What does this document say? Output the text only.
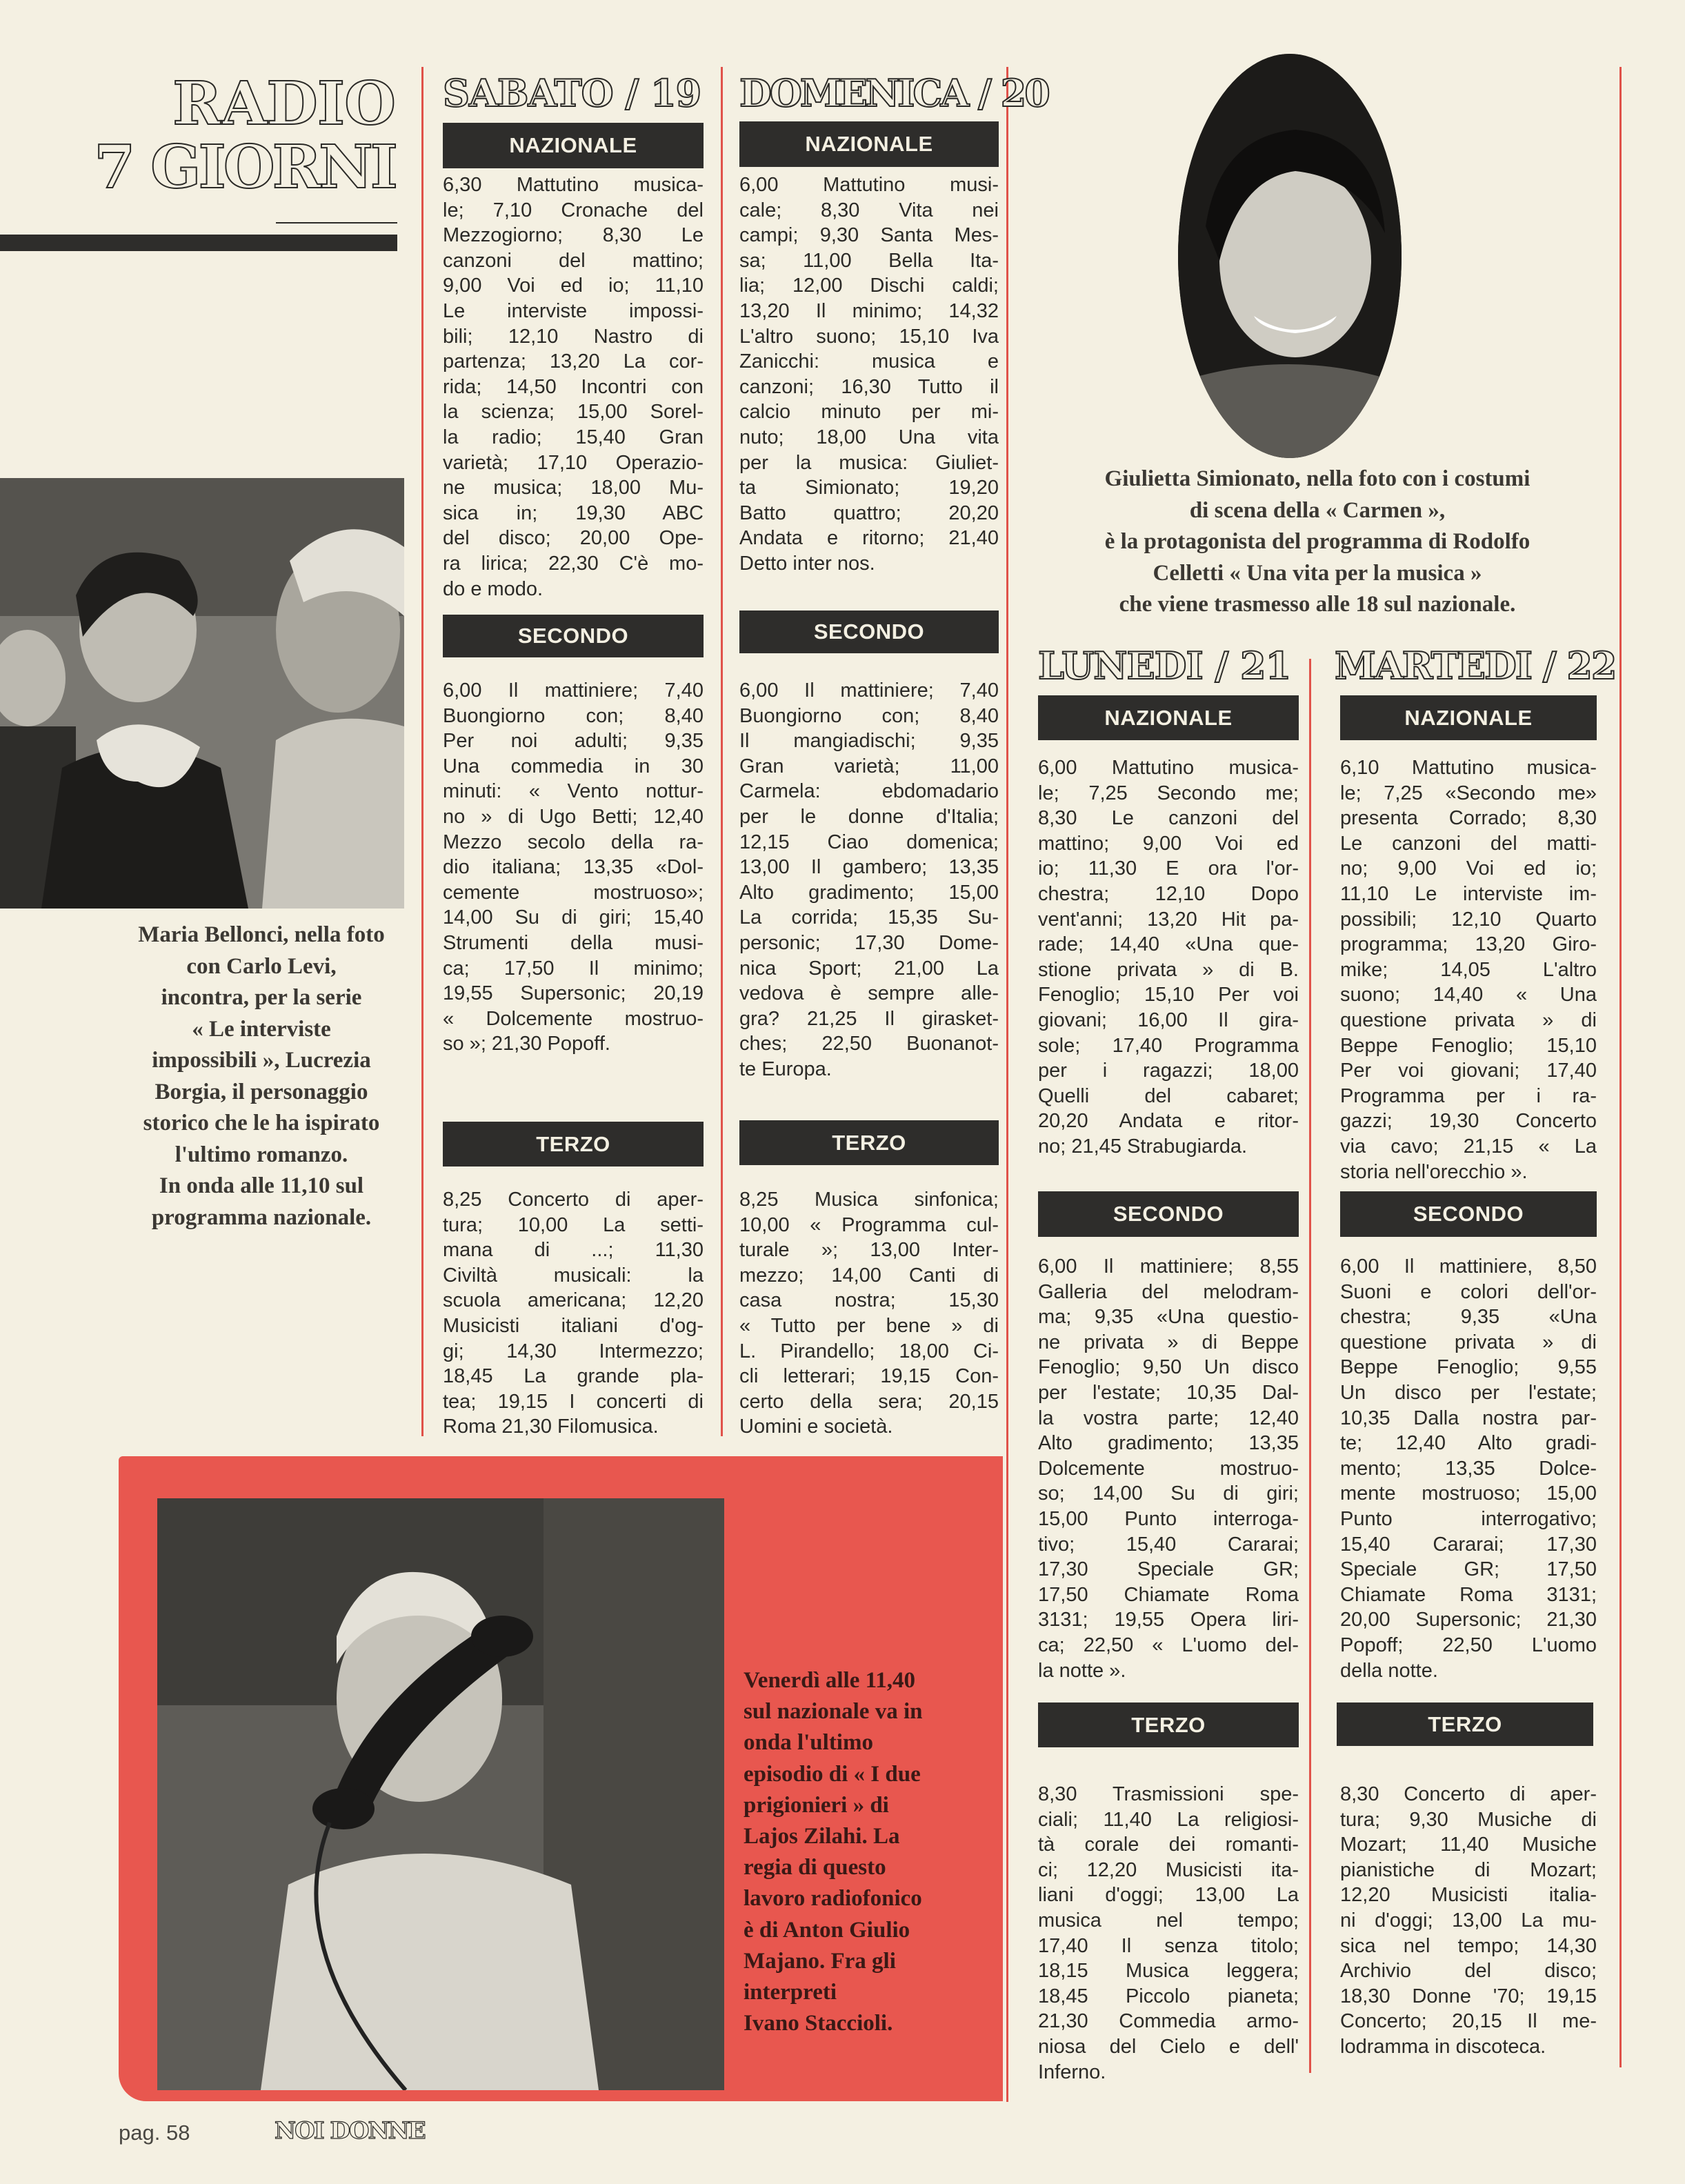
RADIO
7 GIORNI
SABATO / 19 DOMENICA / 20
LUNEDI / 21 MARTEDI / 22
NAZIONALE
6,30 Mattutino musica-
le; 7,10 Cronache del
Mezzogiorno; 8,30 Le
canzoni del mattino;
9,00 Voi ed io; 11,10
Le interviste impossi-
bili; 12,10 Nastro di
partenza; 13,20 La cor-
rida; 14,50 Incontri con
la scienza; 15,00 Sorel-
la radio; 15,40 Gran
varietà; 17,10 Operazio-
ne musica; 18,00 Mu-
sica in; 19,30 ABC
del disco; 20,00 Ope-
ra lirica; 22,30 C'è mo-
do e modo.
SECONDO
6,00 Il mattiniere; 7,40
Buongiorno con; 8,40
Per noi adulti; 9,35
Una commedia in 30
minuti: « Vento nottur-
no » di Ugo Betti; 12,40
Mezzo secolo della ra-
dio italiana; 13,35 «Dol-
cemente mostruoso»;
14,00 Su di giri; 15,40
Strumenti della musi-
ca; 17,50 Il minimo;
19,55 Supersonic; 20,19
« Dolcemente mostruo-
so »; 21,30 Popoff.
TERZO
8,25 Concerto di aper-
tura; 10,00 La setti-
mana di ...; 11,30
Civiltà musicali: la
scuola americana; 12,20
Musicisti italiani d'og-
gi; 14,30 Intermezzo;
18,45 La grande pla-
tea; 19,15 I concerti di
Roma 21,30 Filomusica.
NAZIONALE
6,00 Mattutino musi-
cale; 8,30 Vita nei
campi; 9,30 Santa Mes-
sa; 11,00 Bella Ita-
lia; 12,00 Dischi caldi;
13,20 Il minimo; 14,32
L'altro suono; 15,10 Iva
Zanicchi: musica e
canzoni; 16,30 Tutto il
calcio minuto per mi-
nuto; 18,00 Una vita
per la musica: Giuliet-
ta Simionato; 19,20
Batto quattro; 20,20
Andata e ritorno; 21,40
Detto inter nos.
SECONDO
6,00 Il mattiniere; 7,40
Buongiorno con; 8,40
Il mangiadischi; 9,35
Gran varietà; 11,00
Carmela: ebdomadario
per le donne d'Italia;
12,15 Ciao domenica;
13,00 Il gambero; 13,35
Alto gradimento; 15,00
La corrida; 15,35 Su-
personic; 17,30 Dome-
nica Sport; 21,00 La
vedova è sempre alle-
gra? 21,25 Il girasket-
ches; 22,50 Buonanot-
te Europa.
TERZO
8,25 Musica sinfonica;
10,00 « Programma cul-
turale »; 13,00 Inter-
mezzo; 14,00 Canti di
casa nostra; 15,30
« Tutto per bene » di
L. Pirandello; 18,00 Ci-
cli letterari; 19,15 Con-
certo della sera; 20,15
Uomini e società.
NAZIONALE
6,00 Mattutino musica-
le; 7,25 Secondo me;
8,30 Le canzoni del
mattino; 9,00 Voi ed
io; 11,30 E ora l'or-
chestra; 12,10 Dopo
vent'anni; 13,20 Hit pa-
rade; 14,40 «Una que-
stione privata » di B.
Fenoglio; 15,10 Per voi
giovani; 16,00 Il gira-
sole; 17,40 Programma
per i ragazzi; 18,00
Quelli del cabaret;
20,20 Andata e ritor-
no; 21,45 Strabugiarda.
SECONDO
6,00 Il mattiniere; 8,55
Galleria del melodram-
ma; 9,35 «Una questio-
ne privata » di Beppe
Fenoglio; 9,50 Un disco
per l'estate; 10,35 Dal-
la vostra parte; 12,40
Alto gradimento; 13,35
Dolcemente mostruo-
so; 14,00 Su di giri;
15,00 Punto interroga-
tivo; 15,40 Cararai;
17,30 Speciale GR;
17,50 Chiamate Roma
3131; 19,55 Opera liri-
ca; 22,50 « L'uomo del-
la notte ».
TERZO
8,30 Trasmissioni spe-
ciali; 11,40 La religiosi-
tà corale dei romanti-
ci; 12,20 Musicisti ita-
liani d'oggi; 13,00 La
musica nel tempo;
17,40 Il senza titolo;
18,15 Musica leggera;
18,45 Piccolo pianeta;
21,30 Commedia armo-
niosa del Cielo e dell'
Inferno.
NAZIONALE
6,10 Mattutino musica-
le; 7,25 «Secondo me»
presenta Corrado; 8,30
Le canzoni del matti-
no; 9,00 Voi ed io;
11,10 Le interviste im-
possibili; 12,10 Quarto
programma; 13,20 Giro-
mike; 14,05 L'altro
suono; 14,40 « Una
questione privata » di
Beppe Fenoglio; 15,10
Per voi giovani; 17,40
Programma per i ra-
gazzi; 19,30 Concerto
via cavo; 21,15 « La
storia nell'orecchio ».
SECONDO
6,00 Il mattiniere, 8,50
Suoni e colori dell'or-
chestra; 9,35 «Una
questione privata » di
Beppe Fenoglio; 9,55
Un disco per l'estate;
10,35 Dalla nostra par-
te; 12,40 Alto gradi-
mento; 13,35 Dolce-
mente mostruoso; 15,00
Punto interrogativo;
15,40 Cararai; 17,30
Speciale GR; 17,50
Chiamate Roma 3131;
20,00 Supersonic; 21,30
Popoff; 22,50 L'uomo
della notte.
TERZO
8,30 Concerto di aper-
tura; 9,30 Musiche di
Mozart; 11,40 Musiche
pianistiche di Mozart;
12,20 Musicisti italia-
ni d'oggi; 13,00 La mu-
sica nel tempo; 14,30
Archivio del disco;
18,30 Donne '70; 19,15
Concerto; 20,15 Il me-
lodramma in discoteca.
Maria Bellonci, nella foto
con Carlo Levi,
incontra, per la serie
« Le interviste
impossibili », Lucrezia
Borgia, il personaggio
storico che le ha ispirato
l'ultimo romanzo.
In onda alle 11,10 sul
programma nazionale.
Giulietta Simionato, nella foto con i costumi
di scena della « Carmen »,
è la protagonista del programma di Rodolfo
Celletti « Una vita per la musica »
che viene trasmesso alle 18 sul nazionale.
Venerdì alle 11,40
sul nazionale va in
onda l'ultimo
episodio di « I due
prigionieri » di
Lajos Zilahi. La
regia di questo
lavoro radiofonico
è di Anton Giulio
Majano. Fra gli
interpreti
Ivano Staccioli.
pag. 58	NOI DONNE
